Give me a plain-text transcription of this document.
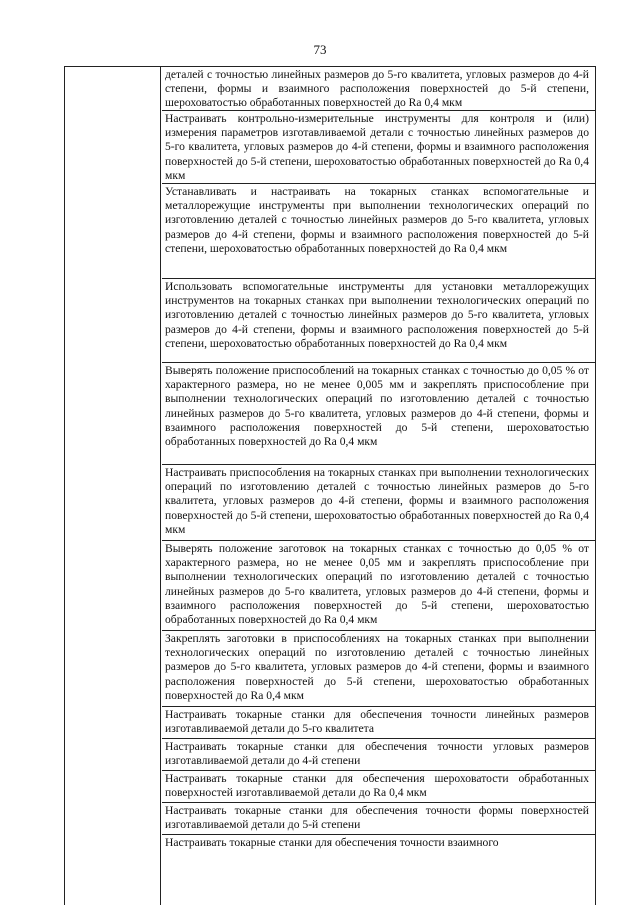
73
деталей с точностью линейных размеров до 5-го квалитета, угловых размеров до 4-й степени, формы и взаимного расположения поверхностей до 5-й степени, шероховатостью обработанных поверхностей до Ra 0,4 мкм
Настраивать контрольно-измерительные инструменты для контроля и (или) измерения параметров изготавливаемой детали с точностью линейных размеров до 5-го квалитета, угловых размеров до 4-й степени, формы и взаимного расположения поверхностей до 5-й степени, шероховатостью обработанных поверхностей до Ra 0,4 мкм
Устанавливать и настраивать на токарных станках вспомогательные и металлорежущие инструменты при выполнении технологических операций по изготовлению деталей с точностью линейных размеров до 5-го квалитета, угловых размеров до 4-й степени, формы и взаимного расположения поверхностей до 5-й степени, шероховатостью обработанных поверхностей до Ra 0,4 мкм
Использовать вспомогательные инструменты для установки металлорежущих инструментов на токарных станках при выполнении технологических операций по изготовлению деталей с точностью линейных размеров до 5-го квалитета, угловых размеров до 4-й степени, формы и взаимного расположения поверхностей до 5-й степени, шероховатостью обработанных поверхностей до Ra 0,4 мкм
Выверять положение приспособлений на токарных станках с точностью до 0,05 % от характерного размера, но не менее 0,005 мм и закреплять приспособление при выполнении технологических операций по изготовлению деталей с точностью линейных размеров до 5-го квалитета, угловых размеров до 4-й степени, формы и взаимного расположения поверхностей до 5-й степени, шероховатостью обработанных поверхностей до Ra 0,4 мкм
Настраивать приспособления на токарных станках при выполнении технологических операций по изготовлению деталей с точностью линейных размеров до 5-го квалитета, угловых размеров до 4-й степени, формы и взаимного расположения поверхностей до 5-й степени, шероховатостью обработанных поверхностей до Ra 0,4 мкм
Выверять положение заготовок на токарных станках с точностью до 0,05 % от характерного размера, но не менее 0,05 мм и закреплять приспособление при выполнении технологических операций по изготовлению деталей с точностью линейных размеров до 5-го квалитета, угловых размеров до 4-й степени, формы и взаимного расположения поверхностей до 5-й степени, шероховатостью обработанных поверхностей до Ra 0,4 мкм
Закреплять заготовки в приспособлениях на токарных станках при выполнении технологических операций по изготовлению деталей с точностью линейных размеров до 5-го квалитета, угловых размеров до 4-й степени, формы и взаимного расположения поверхностей до 5-й степени, шероховатостью обработанных поверхностей до Ra 0,4 мкм
Настраивать токарные станки для обеспечения точности линейных размеров изготавливаемой детали до 5-го квалитета
Настраивать токарные станки для обеспечения точности угловых размеров изготавливаемой детали до 4-й степени
Настраивать токарные станки для обеспечения шероховатости обработанных поверхностей изготавливаемой детали до Ra 0,4 мкм
Настраивать токарные станки для обеспечения точности формы поверхностей изготавливаемой детали до 5-й степени
Настраивать токарные станки для обеспечения точности взаимного
